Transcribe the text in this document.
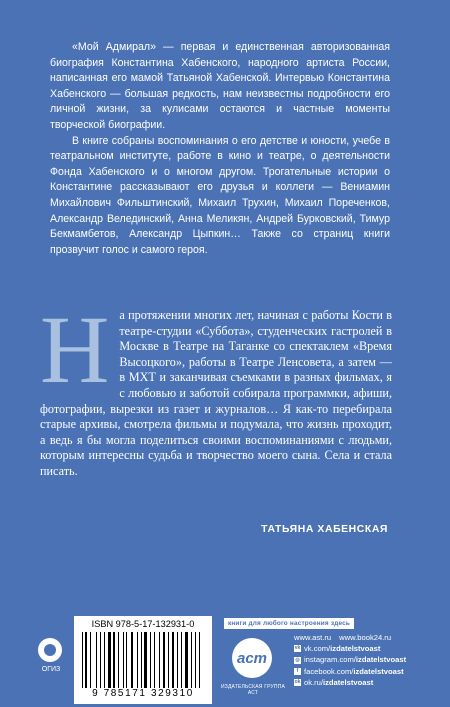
«Мой Адмирал» — первая и единственная авторизованная биография Константина Хабенского, народного артиста России, написанная его мамой Татьяной Хабенской. Интервью Константина Хабенского — большая редкость, нам неизвестны подробности его личной жизни, за кулисами остаются и частные моменты творческой биографии.

В книге собраны воспоминания о его детстве и юности, учебе в театральном институте, работе в кино и театре, о деятельности Фонда Хабенского и о многом другом. Трогательные истории о Константине рассказывают его друзья и коллеги — Вениамин Михайлович Фильштинский, Михаил Трухин, Михаил Пореченков, Александр Велединский, Анна Меликян, Андрей Бурковский, Тимур Бекмамбетов, Александр Цыпкин… Также со страниц книги прозвучит голос и самого героя.

На протяжении многих лет, начиная с работы Кости в театре-студии «Суббота», студенческих гастролей в Москве в Театре на Таганке со спектаклем «Время Высоцкого», работы в Театре Ленсовета, а затем — в МХТ и заканчивая съемками в разных фильмах, я с любовью и заботой собирала программки, афиши, фотографии, вырезки из газет и журналов… Я как-то перебирала старые архивы, смотрела фильмы и подумала, что жизнь проходит, а ведь я бы могла поделиться своими воспоминаниями с людьми, которым интересны судьба и творчество моего сына. Села и стала писать.
ТАТЬЯНА ХАБЕНСКАЯ
ОГИЗ
ISBN 978-5-17-132931-0
9 785171 329310
книги для любого настроения здесь
аст
ИЗДАТЕЛЬСКАЯ ГРУППА АСТ
www.ast.ru www.book24.ru
vk vk.com/izdatelstvoast
◎ instagram.com/izdatelstvoast
f facebook.com/izdatelstvoast
ok ok.ru/izdatelstvoast
